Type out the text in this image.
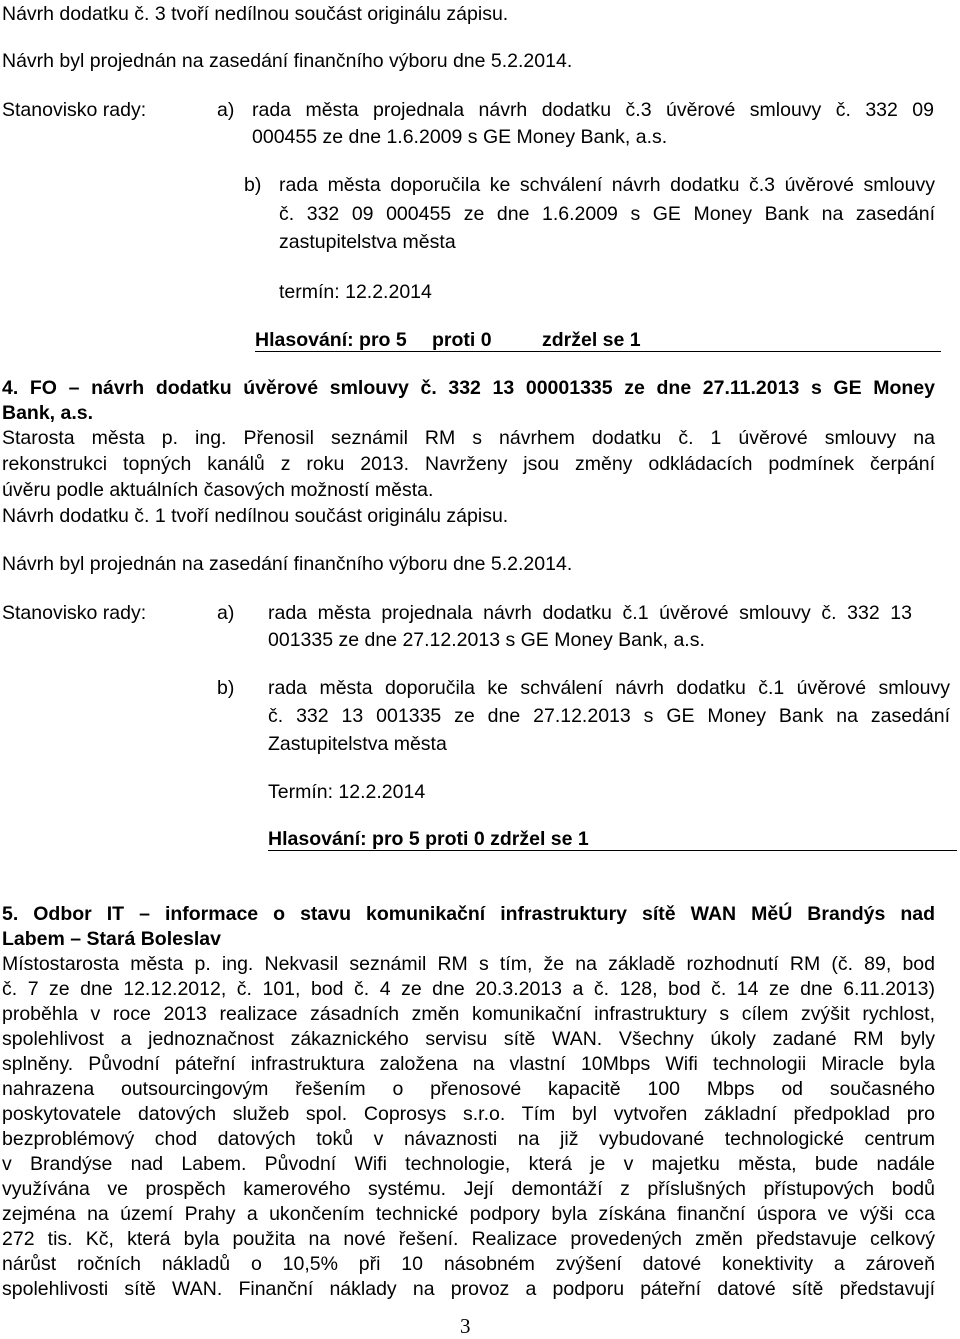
Návrh dodatku č. 3 tvoří nedílnou součást originálu zápisu.
Návrh byl projednán na zasedání finančního výboru dne 5.2.2014.
Stanovisko rady:	a) rada města projednala návrh dodatku č.3 úvěrové smlouvy č. 332 09
000455 ze dne 1.6.2009 s GE Money Bank, a.s.
b) rada města doporučila ke schválení návrh dodatku č.3 úvěrové smlouvy
č. 332 09 000455 ze dne 1.6.2009 s GE Money Bank na zasedání
zastupitelstva města
termín: 12.2.2014
Hlasování: pro 5 proti 0	zdržel se 1
4. FO – návrh dodatku úvěrové smlouvy č. 332 13 00001335 ze dne 27.11.2013 s GE Money
Bank, a.s.
Starosta města p. ing. Přenosil seznámil RM s návrhem dodatku č. 1 úvěrové smlouvy na
rekonstrukci topných kanálů z roku 2013. Navrženy jsou změny odkládacích podmínek čerpání
úvěru podle aktuálních časových možností města.
Návrh dodatku č. 1 tvoří nedílnou součást originálu zápisu.
Návrh byl projednán na zasedání finančního výboru dne 5.2.2014.
Stanovisko rady:	a) rada města projednala návrh dodatku č.1 úvěrové smlouvy č. 332 13
001335 ze dne 27.12.2013 s GE Money Bank, a.s.
b) rada města doporučila ke schválení návrh dodatku č.1 úvěrové smlouvy
č. 332 13 001335 ze dne 27.12.2013 s GE Money Bank na zasedání
Zastupitelstva města
Termín: 12.2.2014
Hlasování: pro 5 proti 0 zdržel se 1
5. Odbor IT – informace o stavu komunikační infrastruktury sítě WAN MěÚ Brandýs nad
Labem – Stará Boleslav
Místostarosta města p. ing. Nekvasil seznámil RM s tím, že na základě rozhodnutí RM (č. 89, bod
č. 7 ze dne 12.12.2012, č. 101, bod č. 4 ze dne 20.3.2013 a č. 128, bod č. 14 ze dne 6.11.2013)
proběhla v roce 2013 realizace zásadních změn komunikační infrastruktury s cílem zvýšit rychlost,
spolehlivost a jednoznačnost zákaznického servisu sítě WAN. Všechny úkoly zadané RM byly
splněny. Původní páteřní infrastruktura založena na vlastní 10Mbps Wifi technologii Miracle byla
nahrazena outsourcingovým řešením o přenosové kapacitě 100 Mbps od současného
poskytovatele datových služeb spol. Coprosys s.r.o. Tím byl vytvořen základní předpoklad pro
bezproblémový chod datových toků v návaznosti na již vybudované technologické centrum
v Brandýse nad Labem. Původní Wifi technologie, která je v majetku města, bude nadále
využívána ve prospěch kamerového systému. Její demontáží z příslušných přístupových bodů
zejména na území Prahy a ukončením technické podpory byla získána finanční úspora ve výši cca
272 tis. Kč, která byla použita na nové řešení. Realizace provedených změn představuje celkový
nárůst ročních nákladů o 10,5% při 10 násobném zvýšení datové konektivity a zároveň
spolehlivosti sítě WAN. Finanční náklady na provoz a podporu páteřní datové sítě představují
3
